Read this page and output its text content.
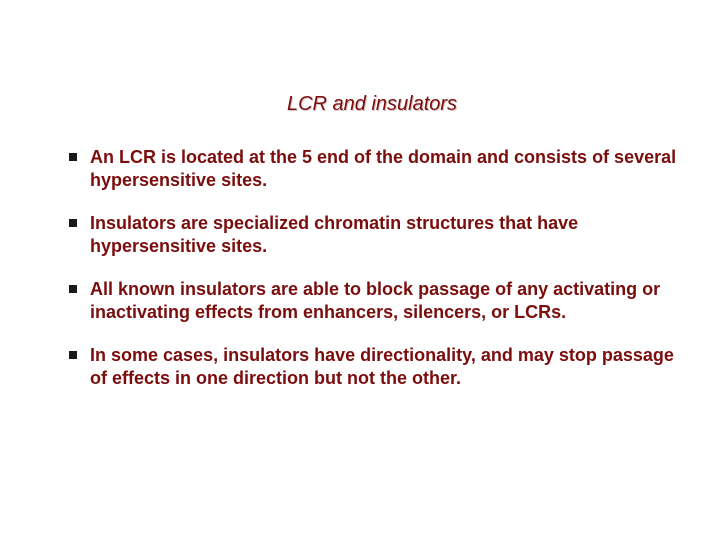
LCR and insulators
An LCR is located at the 5 end of the domain and consists of several hypersensitive sites.
Insulators are specialized chromatin structures that have hypersensitive sites.
All known insulators are able to block passage of any activating or inactivating effects from enhancers, silencers, or LCRs.
In some cases, insulators have directionality, and may stop passage of effects in one direction but not the other.
